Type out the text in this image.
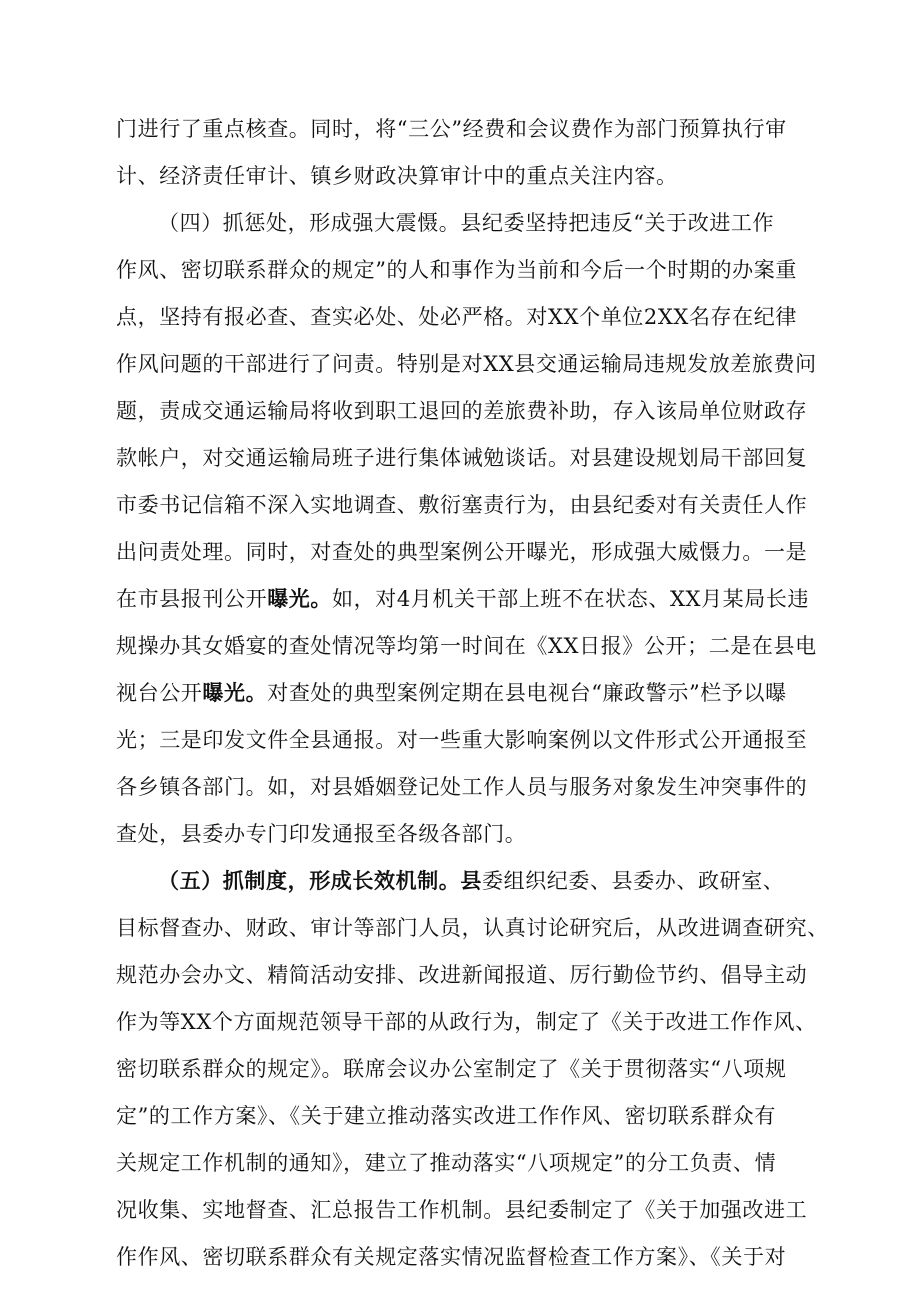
门进行了重点核查。同时，将“三公”经费和会议费作为部门预算执行审
计、经济责任审计、镇乡财政决算审计中的重点关注内容。
（四）抓惩处，形成强大震慑。县纪委坚持把违反“关于改进工作
作风、密切联系群众的规定”的人和事作为当前和今后一个时期的办案重
点，坚持有报必查、查实必处、处必严格。对XX个单位2XX名存在纪律
作风问题的干部进行了问责。特别是对XX县交通运输局违规发放差旅费问
题，责成交通运输局将收到职工退回的差旅费补助，存入该局单位财政存
款帐户，对交通运输局班子进行集体诫勉谈话。对县建设规划局干部回复
市委书记信箱不深入实地调查、敷衍塞责行为，由县纪委对有关责任人作
出问责处理。同时，对查处的典型案例公开曝光，形成强大威慑力。一是
在市县报刊公开曝光。如，对4月机关干部上班不在状态、XX月某局长违
规操办其女婚宴的查处情况等均第一时间在《XX日报》公开；二是在县电
视台公开曝光。对查处的典型案例定期在县电视台“廉政警示”栏予以曝
光；三是印发文件全县通报。对一些重大影响案例以文件形式公开通报至
各乡镇各部门。如，对县婚姻登记处工作人员与服务对象发生冲突事件的
查处，县委办专门印发通报至各级各部门。
（五）抓制度，形成长效机制。县委组织纪委、县委办、政研室、
目标督查办、财政、审计等部门人员，认真讨论研究后，从改进调查研究、
规范办会办文、精简活动安排、改进新闻报道、厉行勤俭节约、倡导主动
作为等XX个方面规范领导干部的从政行为，制定了《关于改进工作作风、
密切联系群众的规定》。联席会议办公室制定了《关于贯彻落实“八项规
定”的工作方案》、《关于建立推动落实改进工作作风、密切联系群众有
关规定工作机制的通知》，建立了推动落实“八项规定”的分工负责、情
况收集、实地督查、汇总报告工作机制。县纪委制定了《关于加强改进工
作作风、密切联系群众有关规定落实情况监督检查工作方案》、《关于对
